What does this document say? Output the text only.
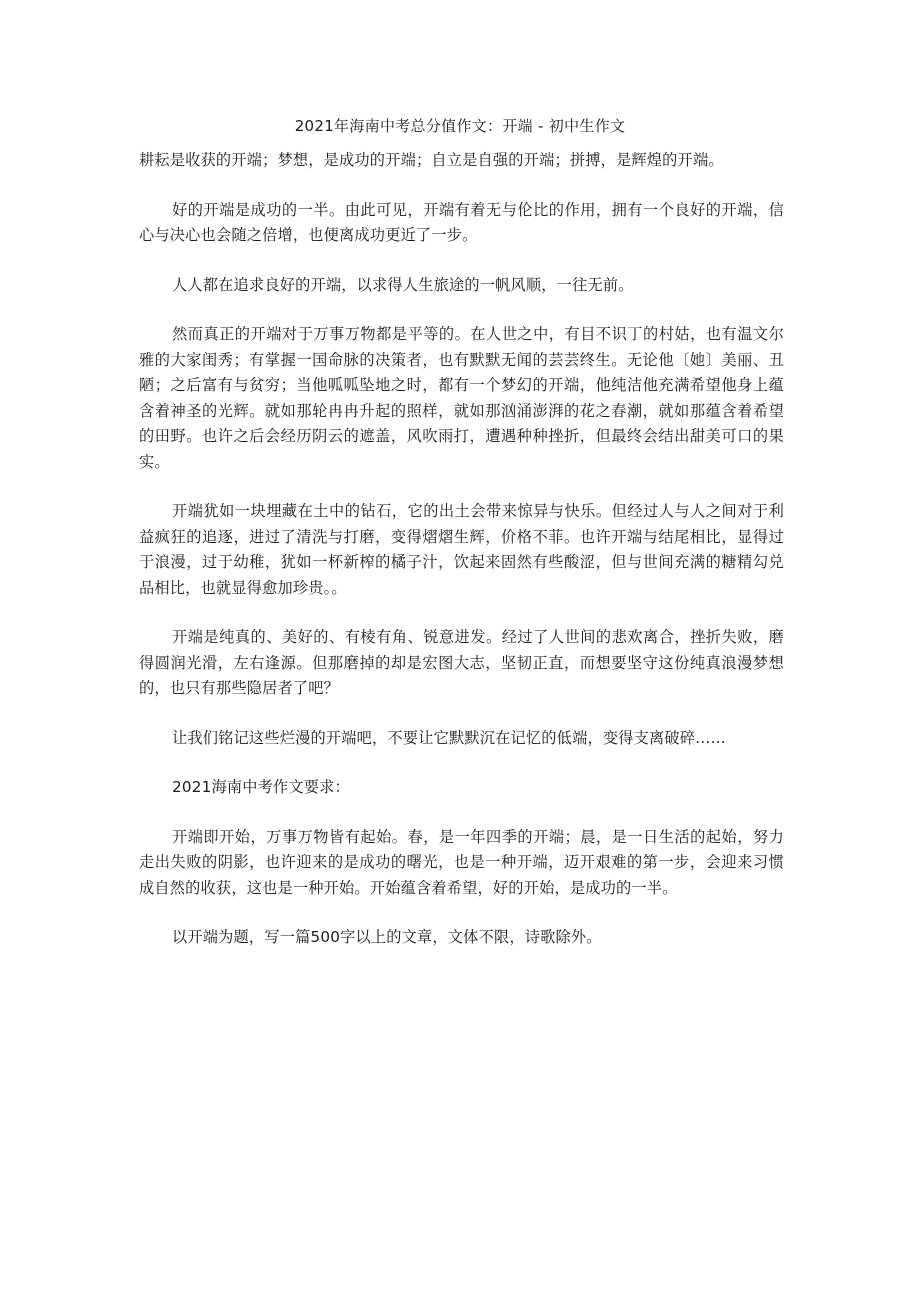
2021年海南中考总分值作文：开端 - 初中生作文

耕耘是收获的开端；梦想，是成功的开端；自立是自强的开端；拼搏，是辉煌的开端。

好的开端是成功的一半。由此可见，开端有着无与伦比的作用，拥有一个良好的开端，信心与决心也会随之倍增，也便离成功更近了一步。

人人都在追求良好的开端，以求得人生旅途的一帆风顺，一往无前。

然而真正的开端对于万事万物都是平等的。在人世之中，有目不识丁的村姑，也有温文尔雅的大家闺秀；有掌握一国命脉的决策者，也有默默无闻的芸芸终生。无论他〔她〕美丽、丑陋；之后富有与贫穷；当他呱呱坠地之时，都有一个梦幻的开端，他纯洁他充满希望他身上蕴含着神圣的光辉。就如那轮冉冉升起的照样，就如那汹涌澎湃的花之春潮，就如那蕴含着希望的田野。也许之后会经历阴云的遮盖，风吹雨打，遭遇种种挫折，但最终会结出甜美可口的果实。

开端犹如一块埋藏在土中的钻石，它的出土会带来惊异与快乐。但经过人与人之间对于利益疯狂的追逐，进过了清洗与打磨，变得熠熠生辉，价格不菲。也许开端与结尾相比，显得过于浪漫，过于幼稚，犹如一杯新榨的橘子汁，饮起来固然有些酸涩，但与世间充满的糖精勾兑品相比，也就显得愈加珍贵。。

开端是纯真的、美好的、有棱有角、锐意进发。经过了人世间的悲欢离合，挫折失败，磨得圆润光滑，左右逢源。但那磨掉的却是宏图大志，坚韧正直，而想要坚守这份纯真浪漫梦想的，也只有那些隐居者了吧？

让我们铭记这些烂漫的开端吧，不要让它默默沉在记忆的低端，变得支离破碎……

2021海南中考作文要求：

开端即开始，万事万物皆有起始。春，是一年四季的开端；晨，是一日生活的起始，努力走出失败的阴影，也许迎来的是成功的曙光，也是一种开端，迈开艰难的第一步，会迎来习惯成自然的收获，这也是一种开始。开始蕴含着希望，好的开始，是成功的一半。

以开端为题，写一篇500字以上的文章，文体不限，诗歌除外。
